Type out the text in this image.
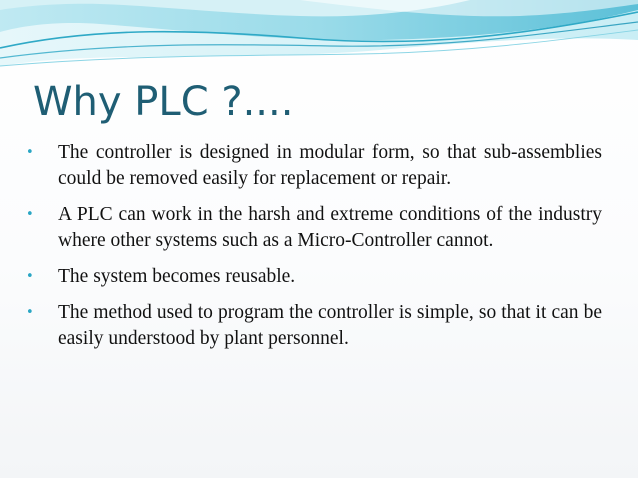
Why PLC ?....
•	The controller is designed in modular form, so that sub-assemblies could be removed easily for replacement or repair.
•	A PLC can work in the harsh and extreme conditions of the industry where other systems such as a Micro-Controller cannot.
•	The system becomes reusable.
•	The method used to program the controller is simple, so that it can be easily understood by plant personnel.
